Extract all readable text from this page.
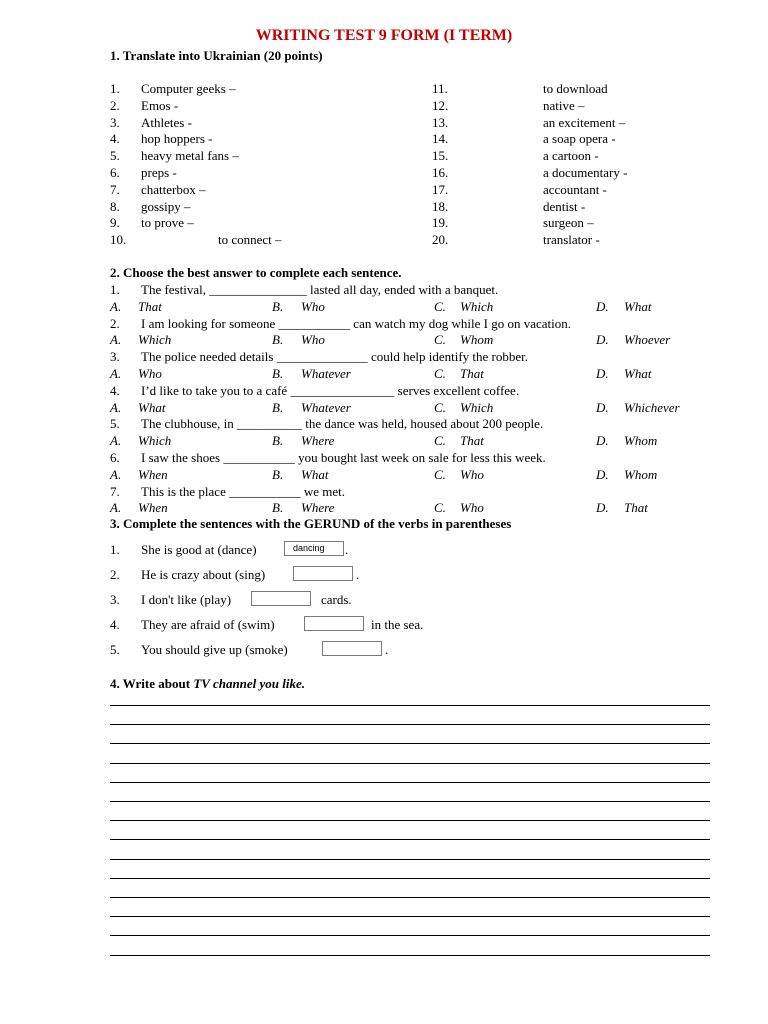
WRITING TEST 9 FORM (I TERM)
1. Translate into Ukrainian (20 points)
1. Computer geeks –	11.	to download
2. Emos -	12.	native –
3. Athletes -	13.	an excitement –
4. hop hoppers -	14.	a soap opera -
5. heavy metal fans –	15.	a cartoon -
6. preps -	16.	a documentary -
7. chatterbox –	17.	accountant -
8. gossipy –	18.	dentist -
9. to prove –	19.	surgeon –
10.	to connect –	20.	translator -
2. Choose the best answer to complete each sentence.
1. The festival, _______________ lasted all day, ended with a banquet.
A. That	B. Who	C. Which	D. What
2. I am looking for someone ___________ can watch my dog while I go on vacation.
A. Which	B. Who	C. Whom	D. Whoever
3. The police needed details ______________ could help identify the robber.
A. Who	B. Whatever	C. That	D. What
4. I’d like to take you to a café ________________ serves excellent coffee.
A. What	B. Whatever	C. Which	D. Whichever
5. The clubhouse, in __________ the dance was held, housed about 200 people.
A. Which	B. Where	C. That	D. Whom
6. I saw the shoes ___________ you bought last week on sale for less this week.
A. When	B. What	C. Who	D. Whom
7. This is the place ___________ we met.
A. When	B. Where	C. Who	D. That
3. Complete the sentences with the GERUND of the verbs in parentheses
1. She is good at (dance)	dancing	.
2. He is crazy about (sing)	.
3. I don't like (play)	cards.
4. They are afraid of (swim)	in the sea.
5. You should give up (smoke)	.
4. Write about TV channel you like.
